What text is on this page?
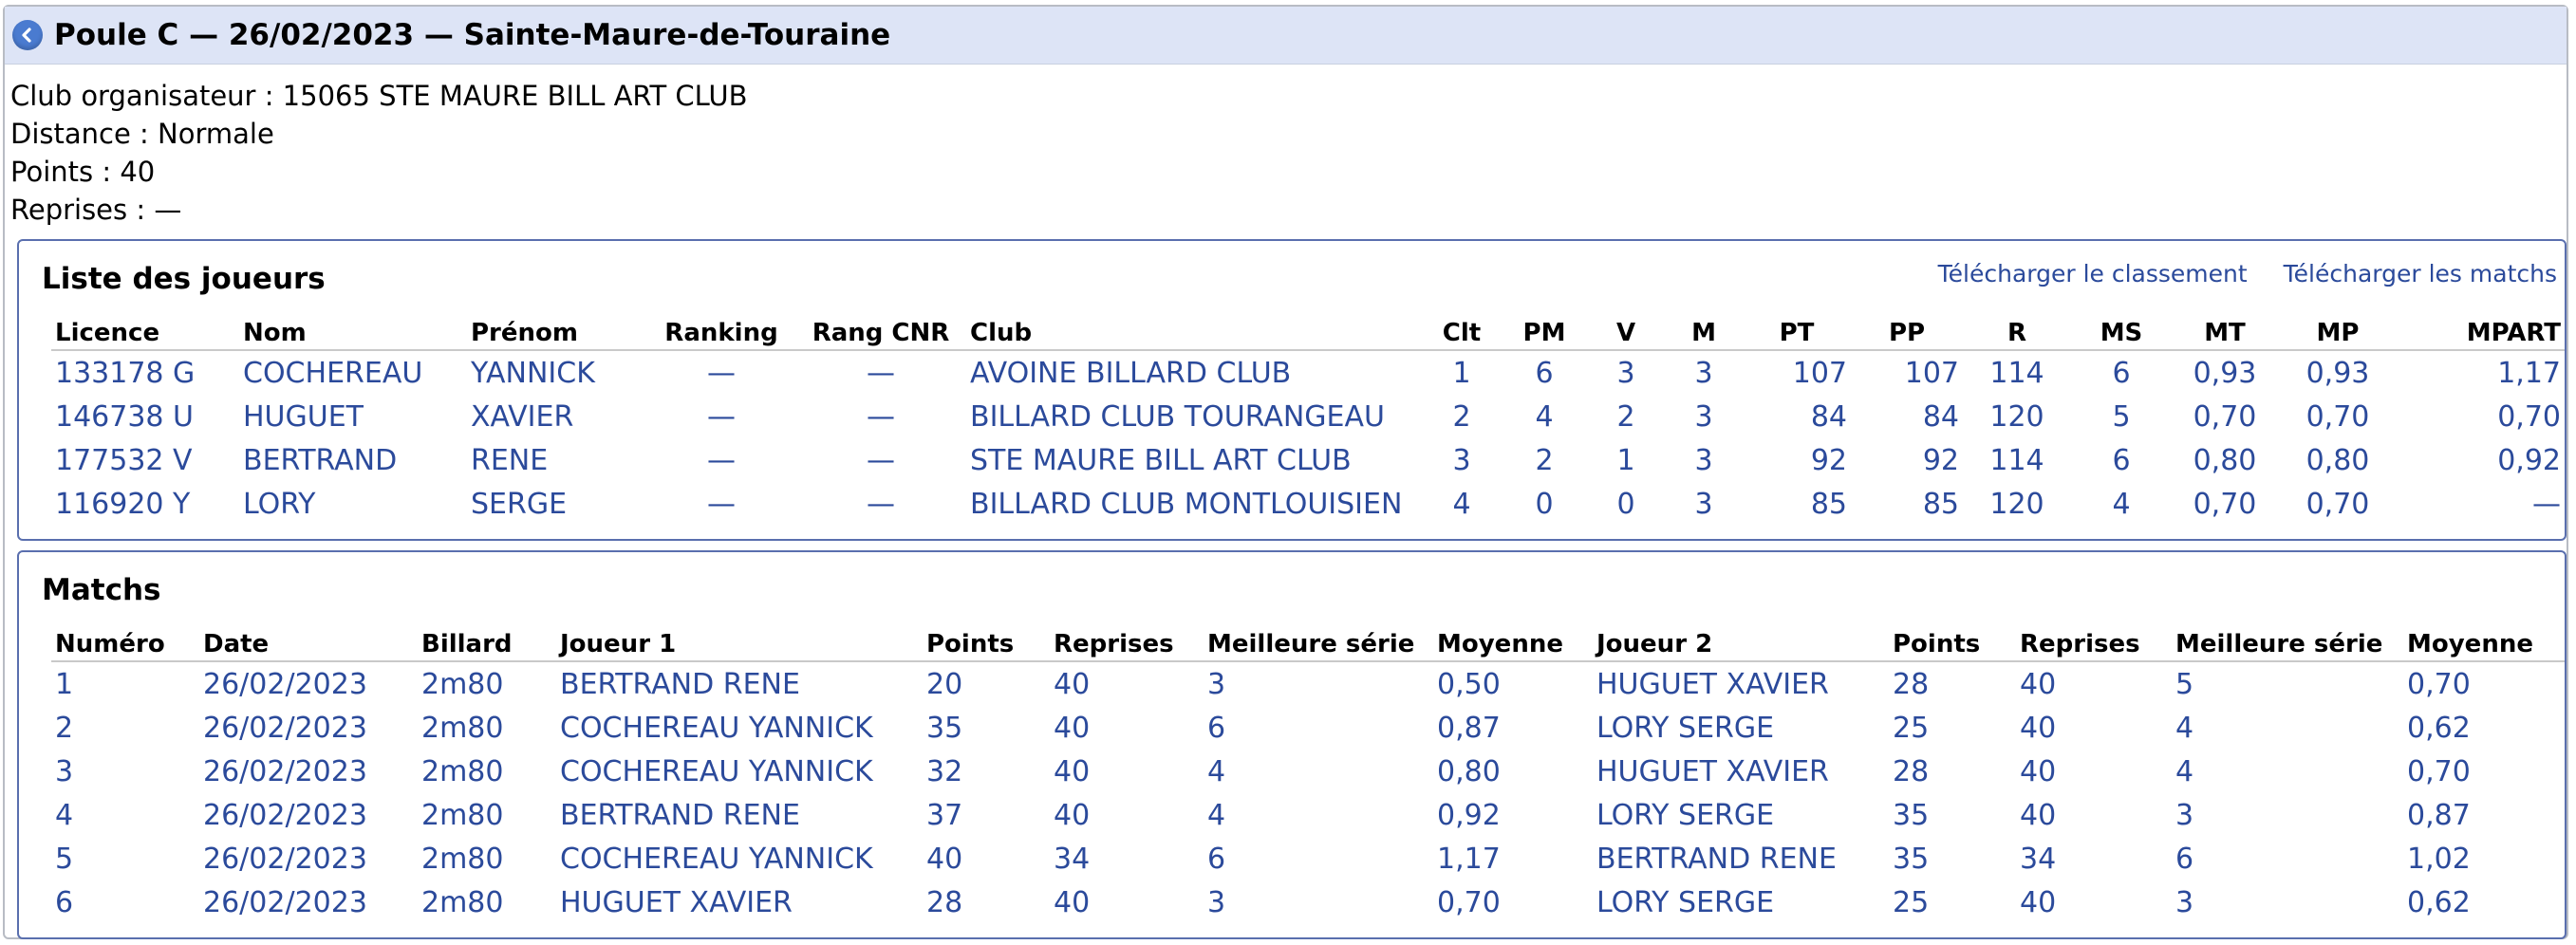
Poule C — 26/02/2023 — Sainte-Maure-de-Touraine
Club organisateur : 15065 STE MAURE BILL ART CLUB
Distance : Normale
Points : 40
Reprises : —
Liste des joueurs	Télécharger le classement Télécharger les matchs
Licence	Nom	Prénom	Ranking	Rang CNR	Club	Clt	PM	V	M	PT	PP	R	MS	MT	MP	MPART
133178 G	COCHEREAU	YANNICK	—	—	AVOINE BILLARD CLUB	1	6	3	3	107	107	114	6	0,93	0,93	1,17
146738 U	HUGUET	XAVIER	—	—	BILLARD CLUB TOURANGEAU	2	4	2	3	84	84	120	5	0,70	0,70	0,70
177532 V	BERTRAND	RENE	—	—	STE MAURE BILL ART CLUB	3	2	1	3	92	92	114	6	0,80	0,80	0,92
116920 Y	LORY	SERGE	—	—	BILLARD CLUB MONTLOUISIEN	4	0	0	3	85	85	120	4	0,70	0,70	—
Matchs
Numéro	Date	Billard	Joueur 1	Points	Reprises	Meilleure série	Moyenne	Joueur 2	Points	Reprises	Meilleure série	Moyenne
1	26/02/2023	2m80	BERTRAND RENE	20	40	3	0,50	HUGUET XAVIER	28	40	5	0,70
2	26/02/2023	2m80	COCHEREAU YANNICK	35	40	6	0,87	LORY SERGE	25	40	4	0,62
3	26/02/2023	2m80	COCHEREAU YANNICK	32	40	4	0,80	HUGUET XAVIER	28	40	4	0,70
4	26/02/2023	2m80	BERTRAND RENE	37	40	4	0,92	LORY SERGE	35	40	3	0,87
5	26/02/2023	2m80	COCHEREAU YANNICK	40	34	6	1,17	BERTRAND RENE	35	34	6	1,02
6	26/02/2023	2m80	HUGUET XAVIER	28	40	3	0,70	LORY SERGE	25	40	3	0,62
